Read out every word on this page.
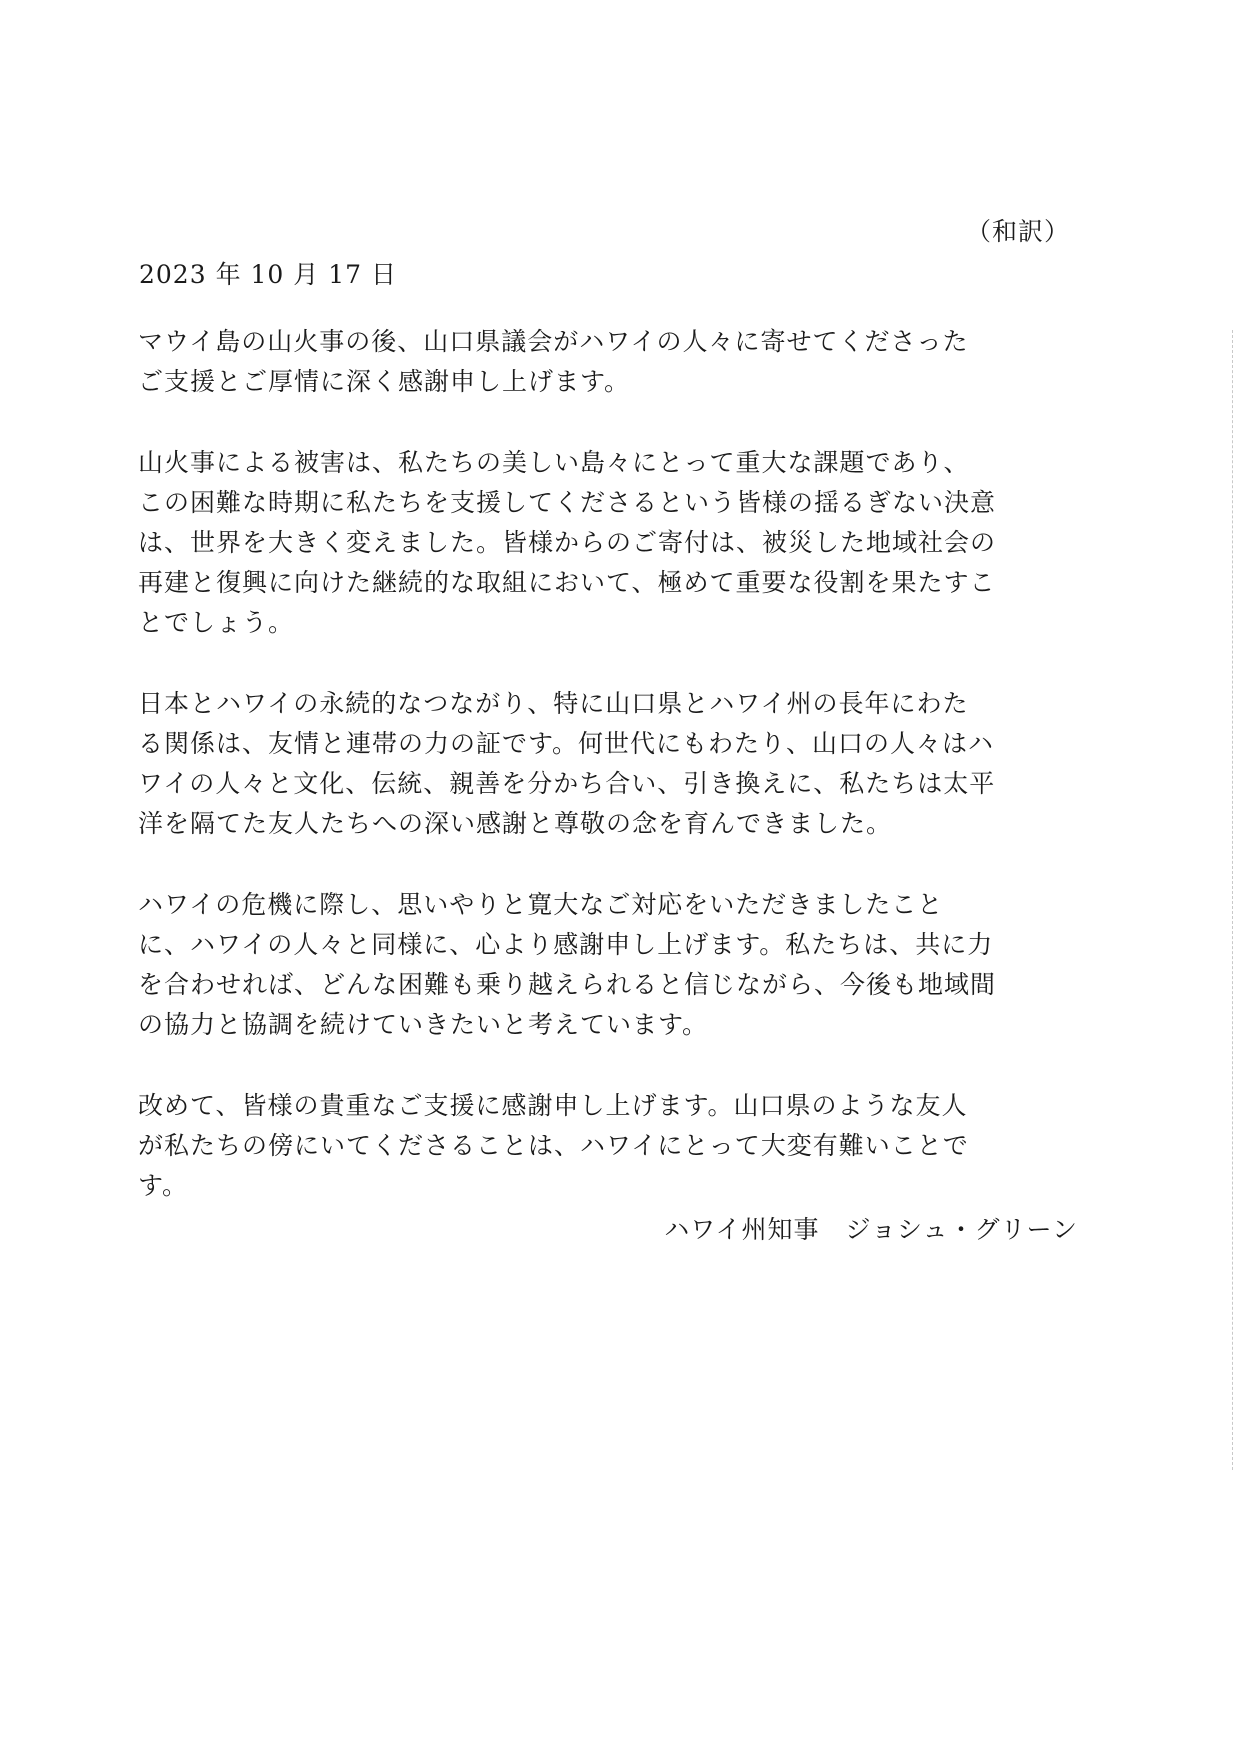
（和訳）
2023 年 10 月 17 日

マウイ島の山火事の後、山口県議会がハワイの人々に寄せてくださった
ご支援とご厚情に深く感謝申し上げます。

山火事による被害は、私たちの美しい島々にとって重大な課題であり、
この困難な時期に私たちを支援してくださるという皆様の揺るぎない決意
は、世界を大きく変えました。皆様からのご寄付は、被災した地域社会の
再建と復興に向けた継続的な取組において、極めて重要な役割を果たすこ
とでしょう。

日本とハワイの永続的なつながり、特に山口県とハワイ州の長年にわた
る関係は、友情と連帯の力の証です。何世代にもわたり、山口の人々はハ
ワイの人々と文化、伝統、親善を分かち合い、引き換えに、私たちは太平
洋を隔てた友人たちへの深い感謝と尊敬の念を育んできました。

ハワイの危機に際し、思いやりと寛大なご対応をいただきましたこと
に、ハワイの人々と同様に、心より感謝申し上げます。私たちは、共に力
を合わせれば、どんな困難も乗り越えられると信じながら、今後も地域間
の協力と協調を続けていきたいと考えています。

改めて、皆様の貴重なご支援に感謝申し上げます。山口県のような友人
が私たちの傍にいてくださることは、ハワイにとって大変有難いことで
す。

ハワイ州知事　ジョシュ・グリーン
